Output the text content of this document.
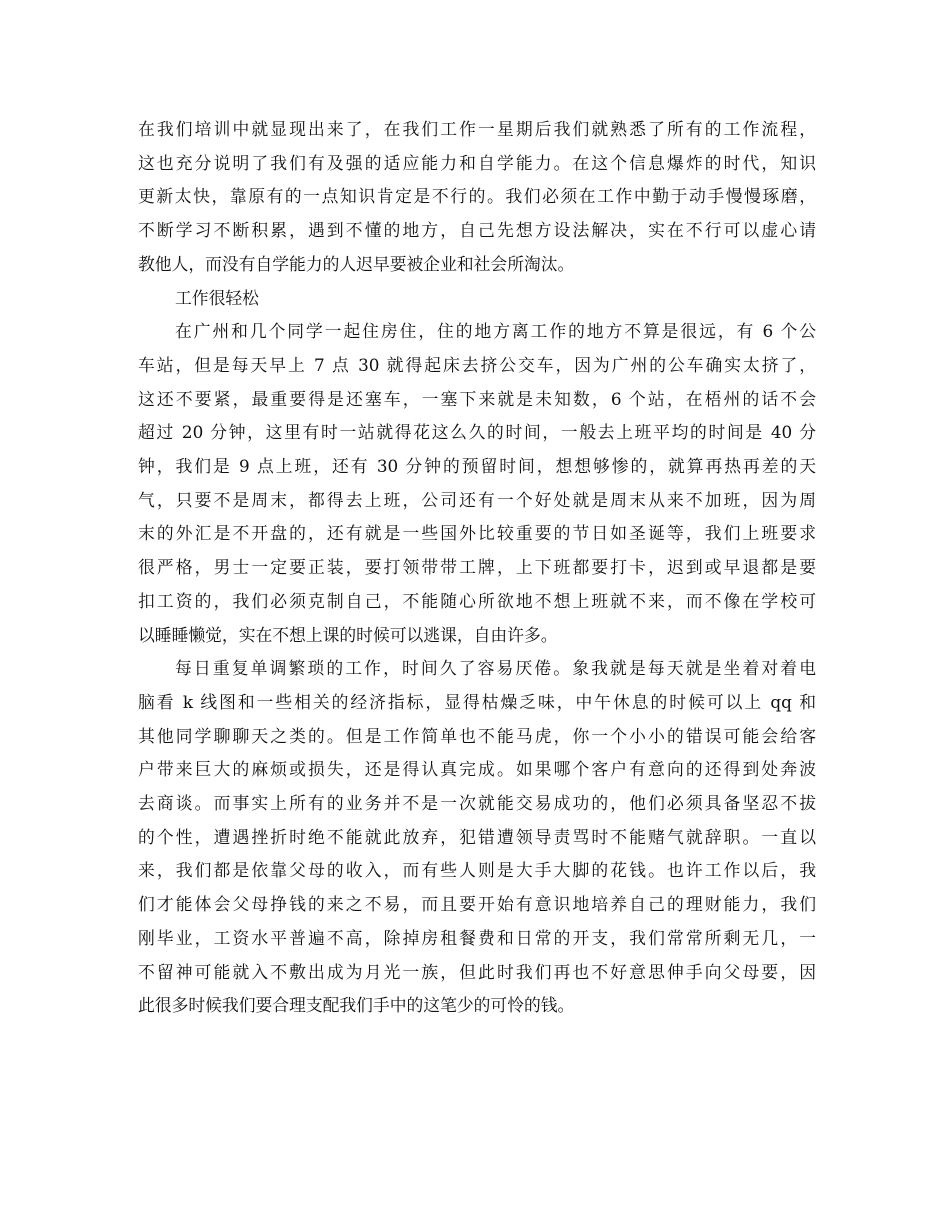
在我们培训中就显现出来了，在我们工作一星期后我们就熟悉了所有的工作流程，
这也充分说明了我们有及强的适应能力和自学能力。在这个信息爆炸的时代，知识
更新太快，靠原有的一点知识肯定是不行的。我们必须在工作中勤于动手慢慢琢磨，
不断学习不断积累，遇到不懂的地方，自己先想方设法解决，实在不行可以虚心请
教他人，而没有自学能力的人迟早要被企业和社会所淘汰。
工作很轻松
在广州和几个同学一起住房住，住的地方离工作的地方不算是很远，有 6 个公
车站，但是每天早上 7 点 30 就得起床去挤公交车，因为广州的公车确实太挤了，
这还不要紧，最重要得是还塞车，一塞下来就是未知数，6 个站，在梧州的话不会
超过 20 分钟，这里有时一站就得花这么久的时间，一般去上班平均的时间是 40 分
钟，我们是 9 点上班，还有 30 分钟的预留时间，想想够惨的，就算再热再差的天
气，只要不是周末，都得去上班，公司还有一个好处就是周末从来不加班，因为周
末的外汇是不开盘的，还有就是一些国外比较重要的节日如圣诞等，我们上班要求
很严格，男士一定要正装，要打领带带工牌，上下班都要打卡，迟到或早退都是要
扣工资的，我们必须克制自己，不能随心所欲地不想上班就不来，而不像在学校可
以睡睡懒觉，实在不想上课的时候可以逃课，自由许多。
每日重复单调繁琐的工作，时间久了容易厌倦。象我就是每天就是坐着对着电
脑看 k 线图和一些相关的经济指标，显得枯燥乏味，中午休息的时候可以上 qq 和
其他同学聊聊天之类的。但是工作简单也不能马虎，你一个小小的错误可能会给客
户带来巨大的麻烦或损失，还是得认真完成。如果哪个客户有意向的还得到处奔波
去商谈。而事实上所有的业务并不是一次就能交易成功的，他们必须具备坚忍不拔
的个性，遭遇挫折时绝不能就此放弃，犯错遭领导责骂时不能赌气就辞职。一直以
来，我们都是依靠父母的收入，而有些人则是大手大脚的花钱。也许工作以后，我
们才能体会父母挣钱的来之不易，而且要开始有意识地培养自己的理财能力，我们
刚毕业，工资水平普遍不高，除掉房租餐费和日常的开支，我们常常所剩无几，一
不留神可能就入不敷出成为月光一族，但此时我们再也不好意思伸手向父母要，因
此很多时候我们要合理支配我们手中的这笔少的可怜的钱。
